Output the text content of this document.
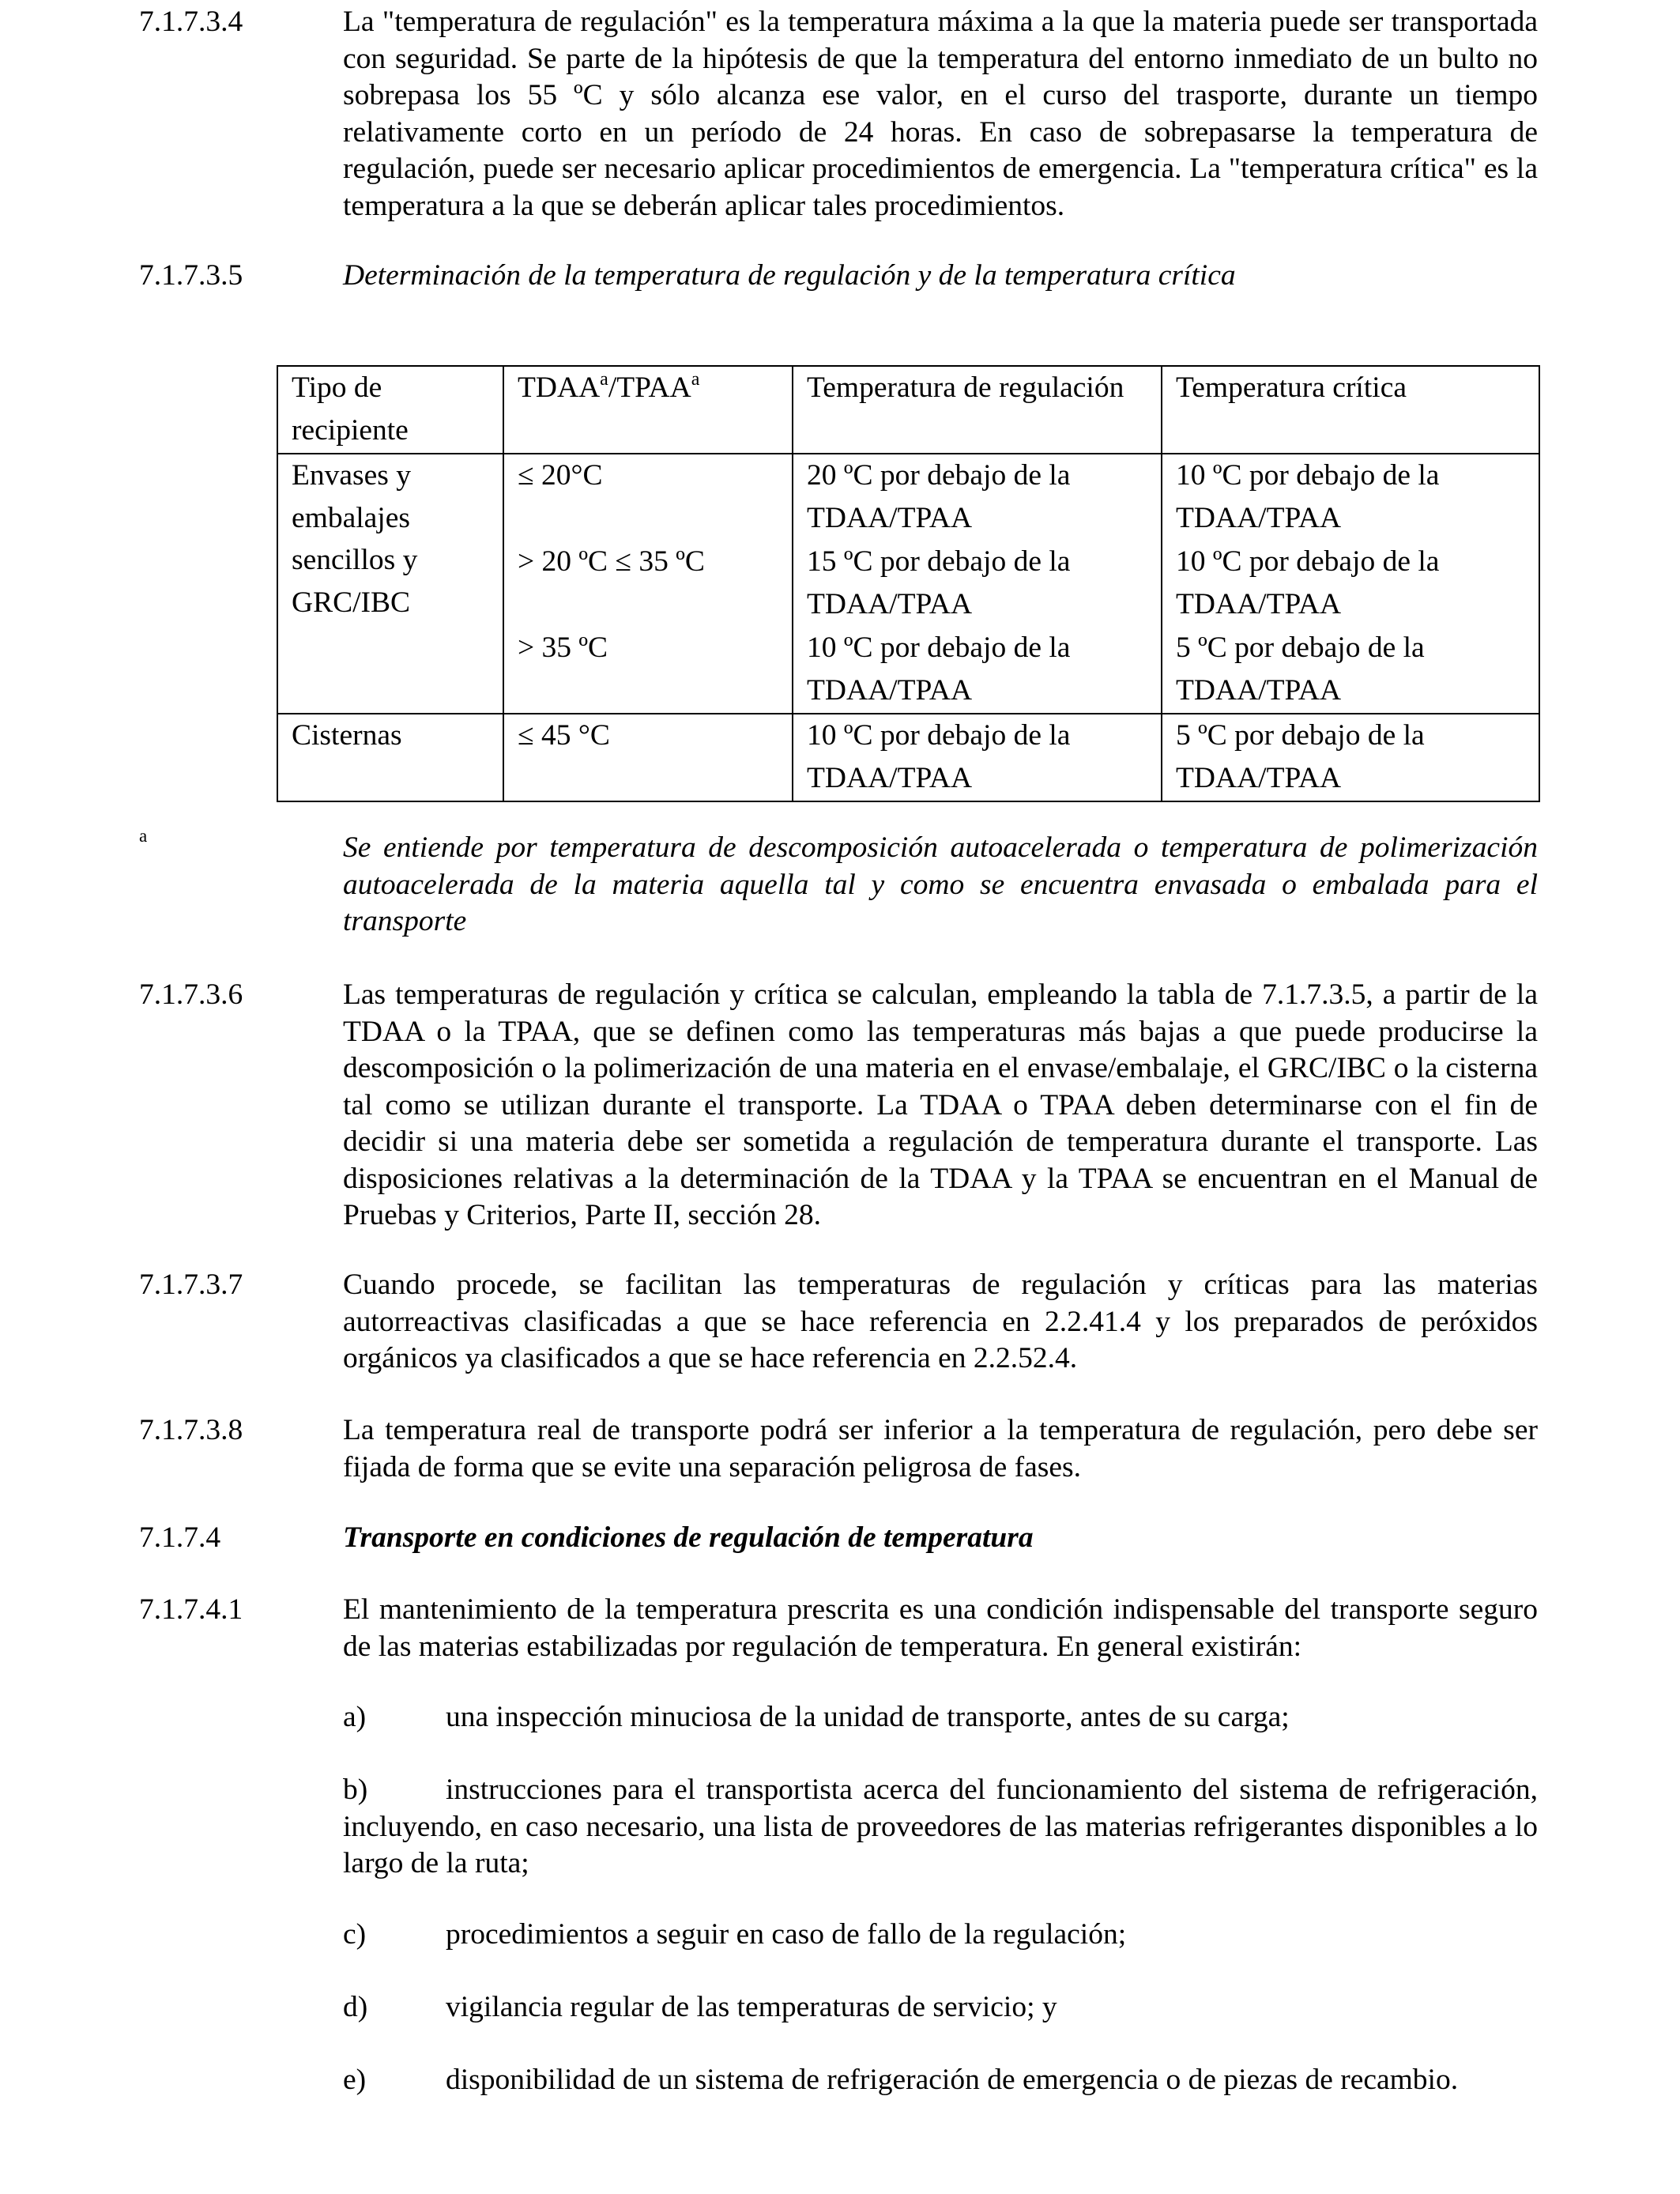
7.1.7.3.4	La "temperatura de regulación" es la temperatura máxima a la que la materia puede ser transportada con seguridad. Se parte de la hipótesis de que la temperatura del entorno inmediato de un bulto no sobrepasa los 55 ºC y sólo alcanza ese valor, en el curso del trasporte, durante un tiempo relativamente corto en un período de 24 horas. En caso de sobrepasarse la temperatura de regulación, puede ser necesario aplicar procedimientos de emergencia. La "temperatura crítica" es la temperatura a la que se deberán aplicar tales procedimientos.
7.1.7.3.5	Determinación de la temperatura de regulación y de la temperatura crítica
Tipo de recipiente	TDAA$^a$/TPAA$^a$	Temperatura de regulación	Temperatura crítica
Envases y embalajes sencillos y GRC/IBC	≤ 20°C	20 ºC por debajo de la TDAA/TPAA	10 ºC por debajo de la TDAA/TPAA
	> 20 ºC ≤ 35 ºC	15 ºC por debajo de la TDAA/TPAA	10 ºC por debajo de la TDAA/TPAA
	> 35 ºC	10 ºC por debajo de la TDAA/TPAA	5 ºC por debajo de la TDAA/TPAA
Cisternas	≤ 45 °C	10 ºC por debajo de la TDAA/TPAA	5 ºC por debajo de la TDAA/TPAA
a	Se entiende por temperatura de descomposición autoacelerada o temperatura de polimerización autoacelerada de la materia aquella tal y como se encuentra envasada o embalada para el transporte
7.1.7.3.6	Las temperaturas de regulación y crítica se calculan, empleando la tabla de 7.1.7.3.5, a partir de la TDAA o la TPAA, que se definen como las temperaturas más bajas a que puede producirse la descomposición o la polimerización de una materia en el envase/embalaje, el GRC/IBC o la cisterna tal como se utilizan durante el transporte. La TDAA o TPAA deben determinarse con el fin de decidir si una materia debe ser sometida a regulación de temperatura durante el transporte. Las disposiciones relativas a la determinación de la TDAA y la TPAA se encuentran en el Manual de Pruebas y Criterios, Parte II, sección 28.
7.1.7.3.7	Cuando procede, se facilitan las temperaturas de regulación y críticas para las materias autorreactivas clasificadas a que se hace referencia en 2.2.41.4 y los preparados de peróxidos orgánicos ya clasificados a que se hace referencia en 2.2.52.4.
7.1.7.3.8	La temperatura real de transporte podrá ser inferior a la temperatura de regulación, pero debe ser fijada de forma que se evite una separación peligrosa de fases.
7.1.7.4	Transporte en condiciones de regulación de temperatura
7.1.7.4.1	El mantenimiento de la temperatura prescrita es una condición indispensable del transporte seguro de las materias estabilizadas por regulación de temperatura. En general existirán:
a)	una inspección minuciosa de la unidad de transporte, antes de su carga;
b)	instrucciones para el transportista acerca del funcionamiento del sistema de refrigeración, incluyendo, en caso necesario, una lista de proveedores de las materias refrigerantes disponibles a lo largo de la ruta;
c)	procedimientos a seguir en caso de fallo de la regulación;
d)	vigilancia regular de las temperaturas de servicio; y
e)	disponibilidad de un sistema de refrigeración de emergencia o de piezas de recambio.
